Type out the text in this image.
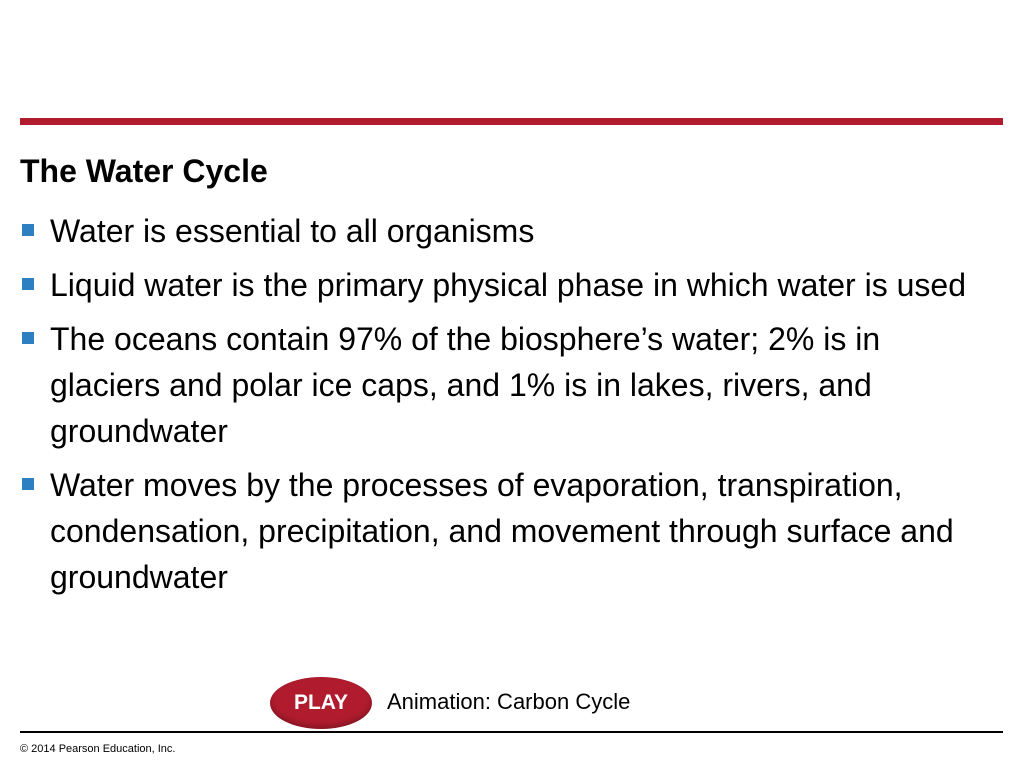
The Water Cycle
Water is essential to all organisms
Liquid water is the primary physical phase in which water is used
The oceans contain 97% of the biosphere’s water; 2% is in glaciers and polar ice caps, and 1% is in lakes, rivers, and groundwater
Water moves by the processes of evaporation, transpiration, condensation, precipitation, and movement through surface and groundwater
PLAY	Animation: Carbon Cycle
© 2014 Pearson Education, Inc.
